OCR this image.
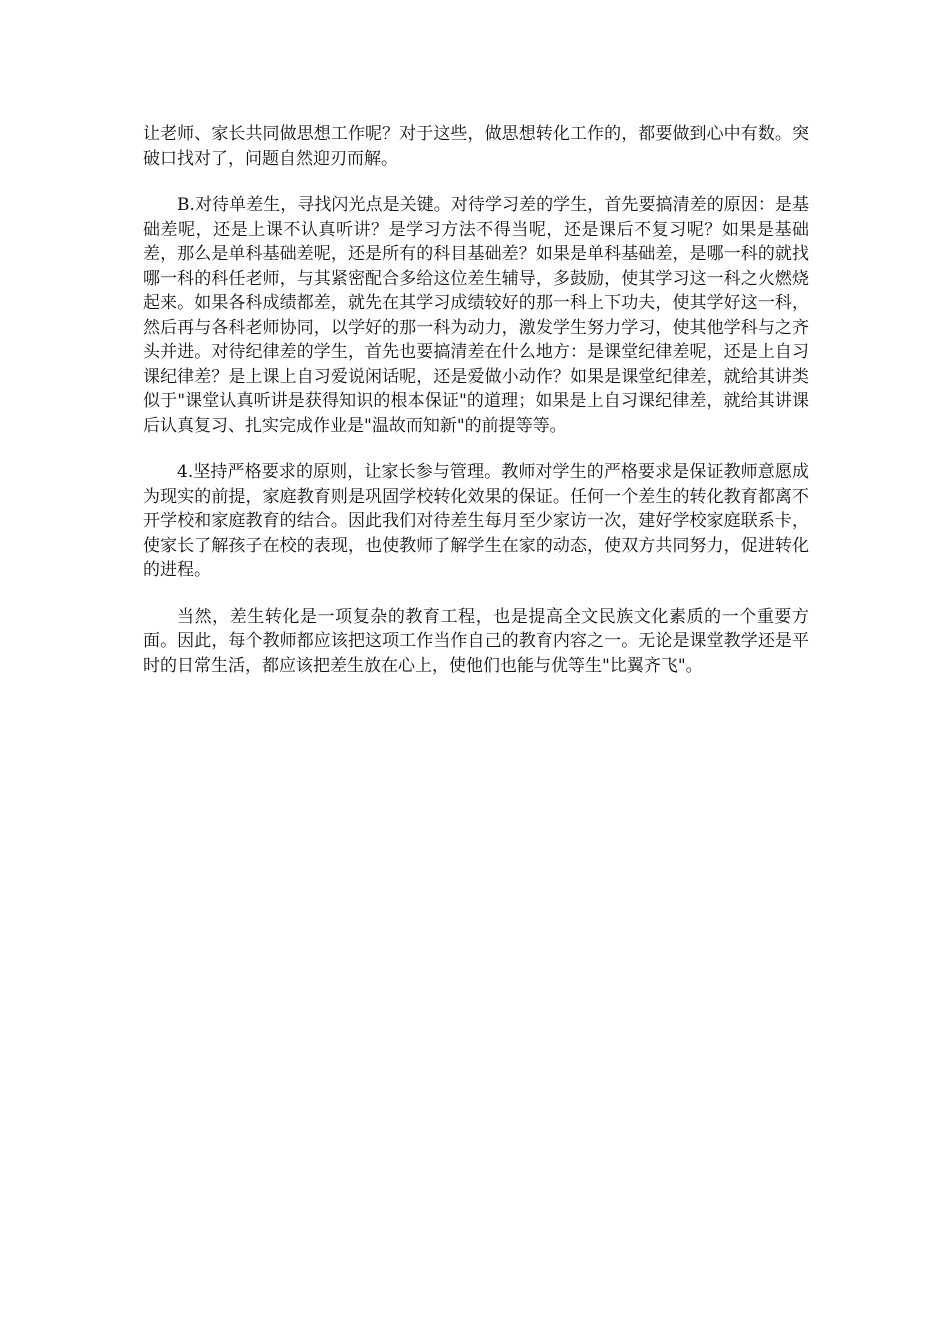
让老师、家长共同做思想工作呢？对于这些，做思想转化工作的，都要做到心中有数。突破口找对了，问题自然迎刃而解。

B.对待单差生，寻找闪光点是关键。对待学习差的学生，首先要搞清差的原因：是基础差呢，还是上课不认真听讲？是学习方法不得当呢，还是课后不复习呢？如果是基础差，那么是单科基础差呢，还是所有的科目基础差？如果是单科基础差，是哪一科的就找哪一科的科任老师，与其紧密配合多给这位差生辅导，多鼓励，使其学习这一科之火燃烧起来。如果各科成绩都差，就先在其学习成绩较好的那一科上下功夫，使其学好这一科，然后再与各科老师协同，以学好的那一科为动力，激发学生努力学习，使其他学科与之齐头并进。对待纪律差的学生，首先也要搞清差在什么地方：是课堂纪律差呢，还是上自习课纪律差？是上课上自习爱说闲话呢，还是爱做小动作？如果是课堂纪律差，就给其讲类似于"课堂认真听讲是获得知识的根本保证"的道理；如果是上自习课纪律差，就给其讲课后认真复习、扎实完成作业是"温故而知新"的前提等等。

4.坚持严格要求的原则，让家长参与管理。教师对学生的严格要求是保证教师意愿成为现实的前提，家庭教育则是巩固学校转化效果的保证。任何一个差生的转化教育都离不开学校和家庭教育的结合。因此我们对待差生每月至少家访一次，建好学校家庭联系卡，使家长了解孩子在校的表现，也使教师了解学生在家的动态，使双方共同努力，促进转化的进程。

当然，差生转化是一项复杂的教育工程，也是提高全文民族文化素质的一个重要方面。因此，每个教师都应该把这项工作当作自己的教育内容之一。无论是课堂教学还是平时的日常生活，都应该把差生放在心上，使他们也能与优等生"比翼齐飞"。
